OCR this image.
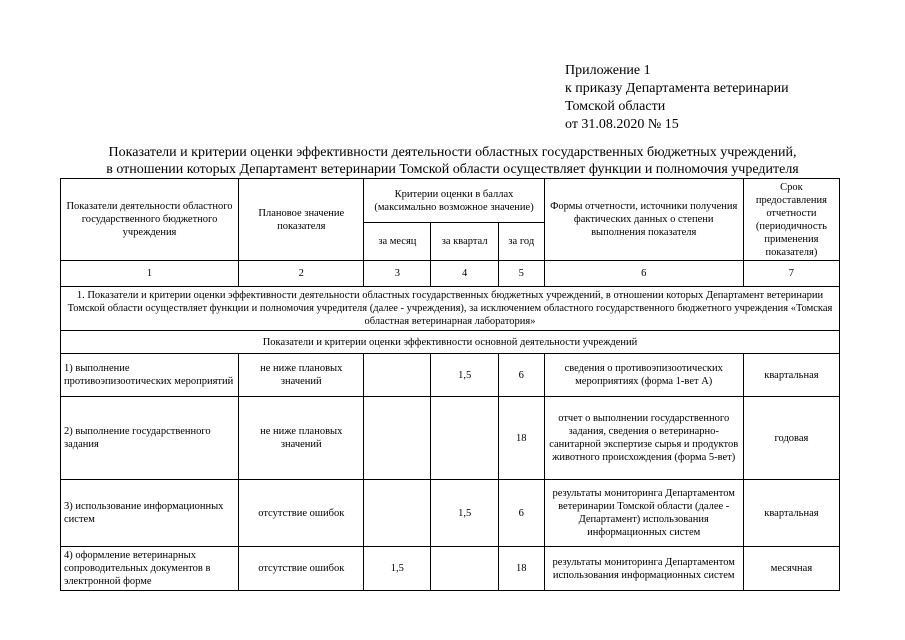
Приложение 1
к приказу Департамента ветеринарии
Томской области
от 31.08.2020 № 15
Показатели и критерии оценки эффективности деятельности областных государственных бюджетных учреждений,
в отношении которых Департамент ветеринарии Томской области осуществляет функции и полномочия учредителя
Показатели деятельности областного государственного бюджетного учреждения	Плановое значение показателя	Критерии оценки в баллах (максимально возможное значение)			Формы отчетности, источники получения фактических данных о степени выполнения показателя	Срок предоставления отчетности (периодичность применения показателя)
		за месяц	за квартал	за год		
1	2	3	4	5	6	7
1. Показатели и критерии оценки эффективности деятельности областных государственных бюджетных учреждений, в отношении которых Департамент ветеринарии Томской области осуществляет функции и полномочия учредителя (далее - учреждения), за исключением областного государственного бюджетного учреждения «Томская областная ветеринарная лаборатория»						
Показатели и критерии оценки эффективности основной деятельности учреждений						
1) выполнение противоэпизоотических мероприятий	не ниже плановых значений		1,5	6	сведения о противоэпизоотических мероприятиях (форма 1-вет А)	квартальная
2) выполнение государственного задания	не ниже плановых значений			18	отчет о выполнении государственного задания, сведения о ветеринарно-санитарной экспертизе сырья и продуктов животного происхождения (форма 5-вет)	годовая
3) использование информационных систем	отсутствие ошибок		1,5	6	результаты мониторинга Департаментом ветеринарии Томской области (далее - Департамент) использования информационных систем	квартальная
4) оформление ветеринарных сопроводительных документов в электронной форме	отсутствие ошибок	1,5		18	результаты мониторинга Департаментом использования информационных систем	месячная
